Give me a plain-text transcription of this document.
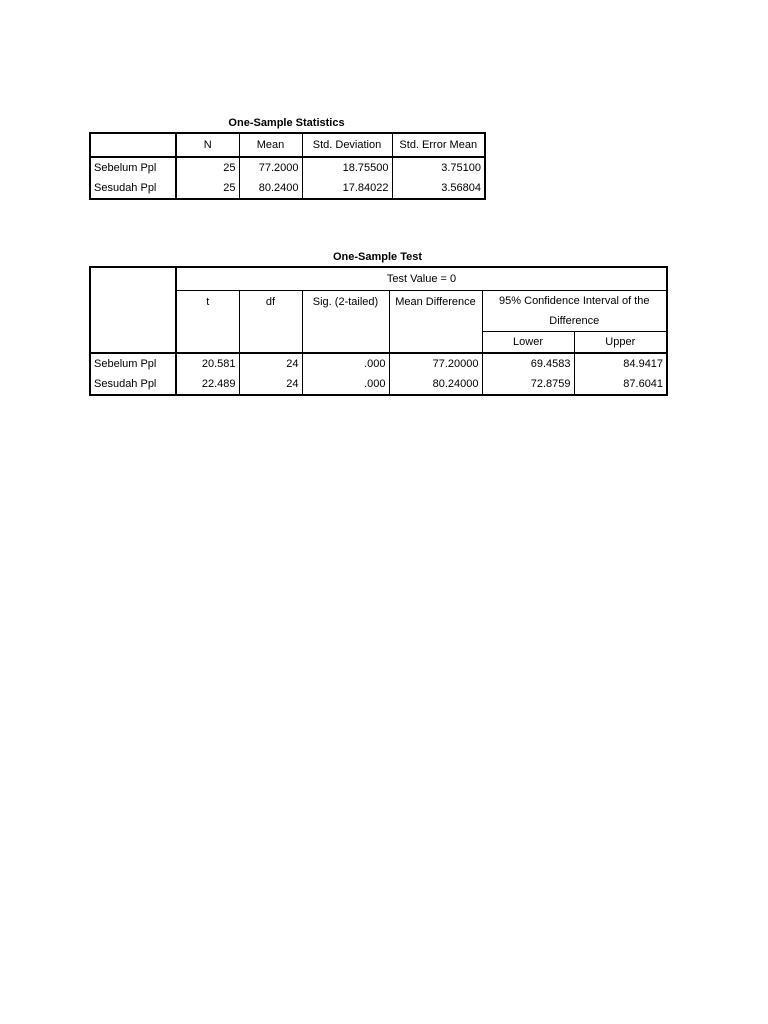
One-Sample Statistics
	N	Mean	Std. Deviation	Std. Error Mean
Sebelum Ppl	25	77.2000	18.75500	3.75100
Sesudah Ppl	25	80.2400	17.84022	3.56804
One-Sample Test
	Test Value = 0					
	t	df	Sig. (2-tailed)	Mean Difference	95% Confidence Interval of the Difference	

					Lower	Upper
Sebelum Ppl	20.581	24	.000	77.20000	69.4583	84.9417
Sesudah Ppl	22.489	24	.000	80.24000	72.8759	87.6041
